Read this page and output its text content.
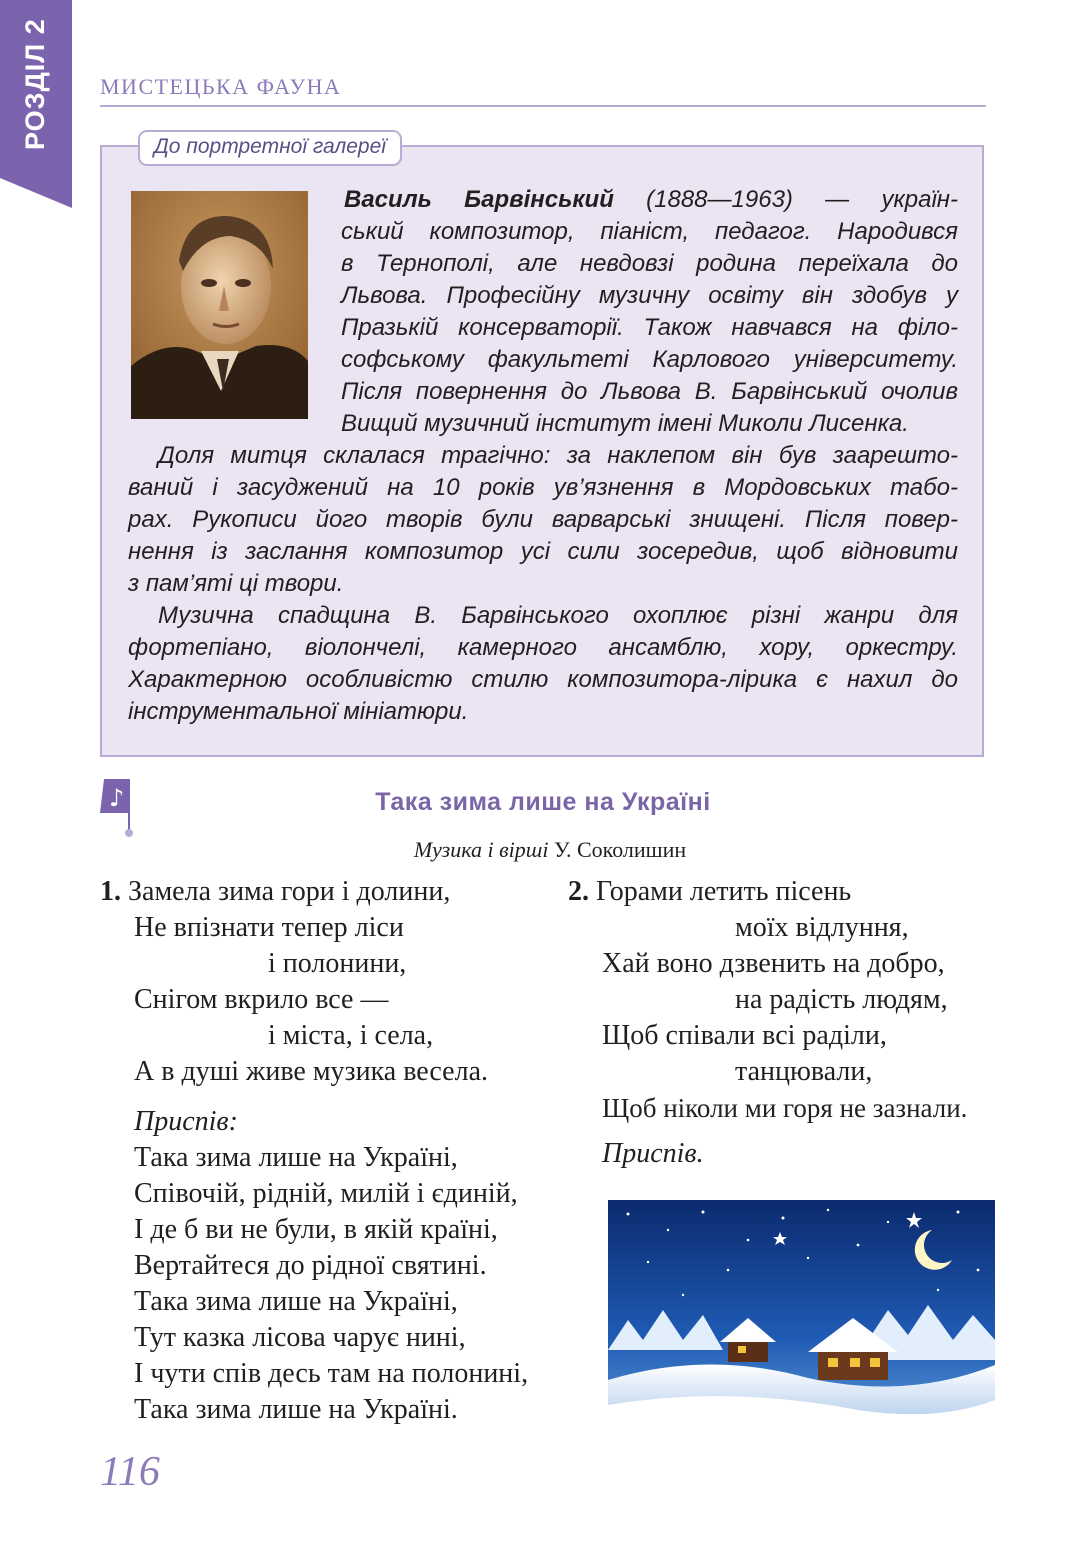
РОЗДІЛ 2 МИСТЕЦЬКА ФАУНА
До портретної галереї
Василь Барвінський (1888—1963) — україн-
ський композитор, піаніст, педагог. Народився
в Тернополі, але невдовзі родина переїхала до
Львова. Професійну музичну освіту він здобув у
Празькій консерваторії. Також навчався на філо-
софському факультеті Карлового університету.
Після повернення до Львова В. Барвінський очолив
Вищий музичний інститут імені Миколи Лисенка.
Доля митця склалася трагічно: за наклепом він був заарешто-
ваний і засуджений на 10 років ув’язнення в Мордовських табо-
рах. Рукописи його творів були варварські знищені. Після повер-
нення із заслання композитор усі сили зосередив, щоб відновити
з пам’яті ці твори.
Музична спадщина В. Барвінського охоплює різні жанри для
фортепіано, віолончелі, камерного ансамблю, хору, оркестру.
Характерною особливістю стилю композитора-лірика є нахил до
інструментальної мініатюри.
♪	Така зима лише на Україні
Музика і вірші У. Соколишин
1. Замела зима гори і долини,
Не впізнати тепер ліси
і полонини,
Снігом вкрило все —
і міста, і села,
А в душі живе музика весела.
Приспів:
Така зима лише на Україні,
Співочій, рідній, милій і єдиній,
І де б ви не були, в якій країні,
Вертайтеся до рідної святині.
Така зима лише на Україні,
Тут казка лісова чарує нині,
І чути спів десь там на полонині,
Така зима лише на Україні.
2. Горами летить пісень
моїх відлуння,
Хай воно дзвенить на добро,
на радість людям,
Щоб співали всі раділи,
танцювали,
Щоб ніколи ми горя не зазнали.
Приспів.
116
